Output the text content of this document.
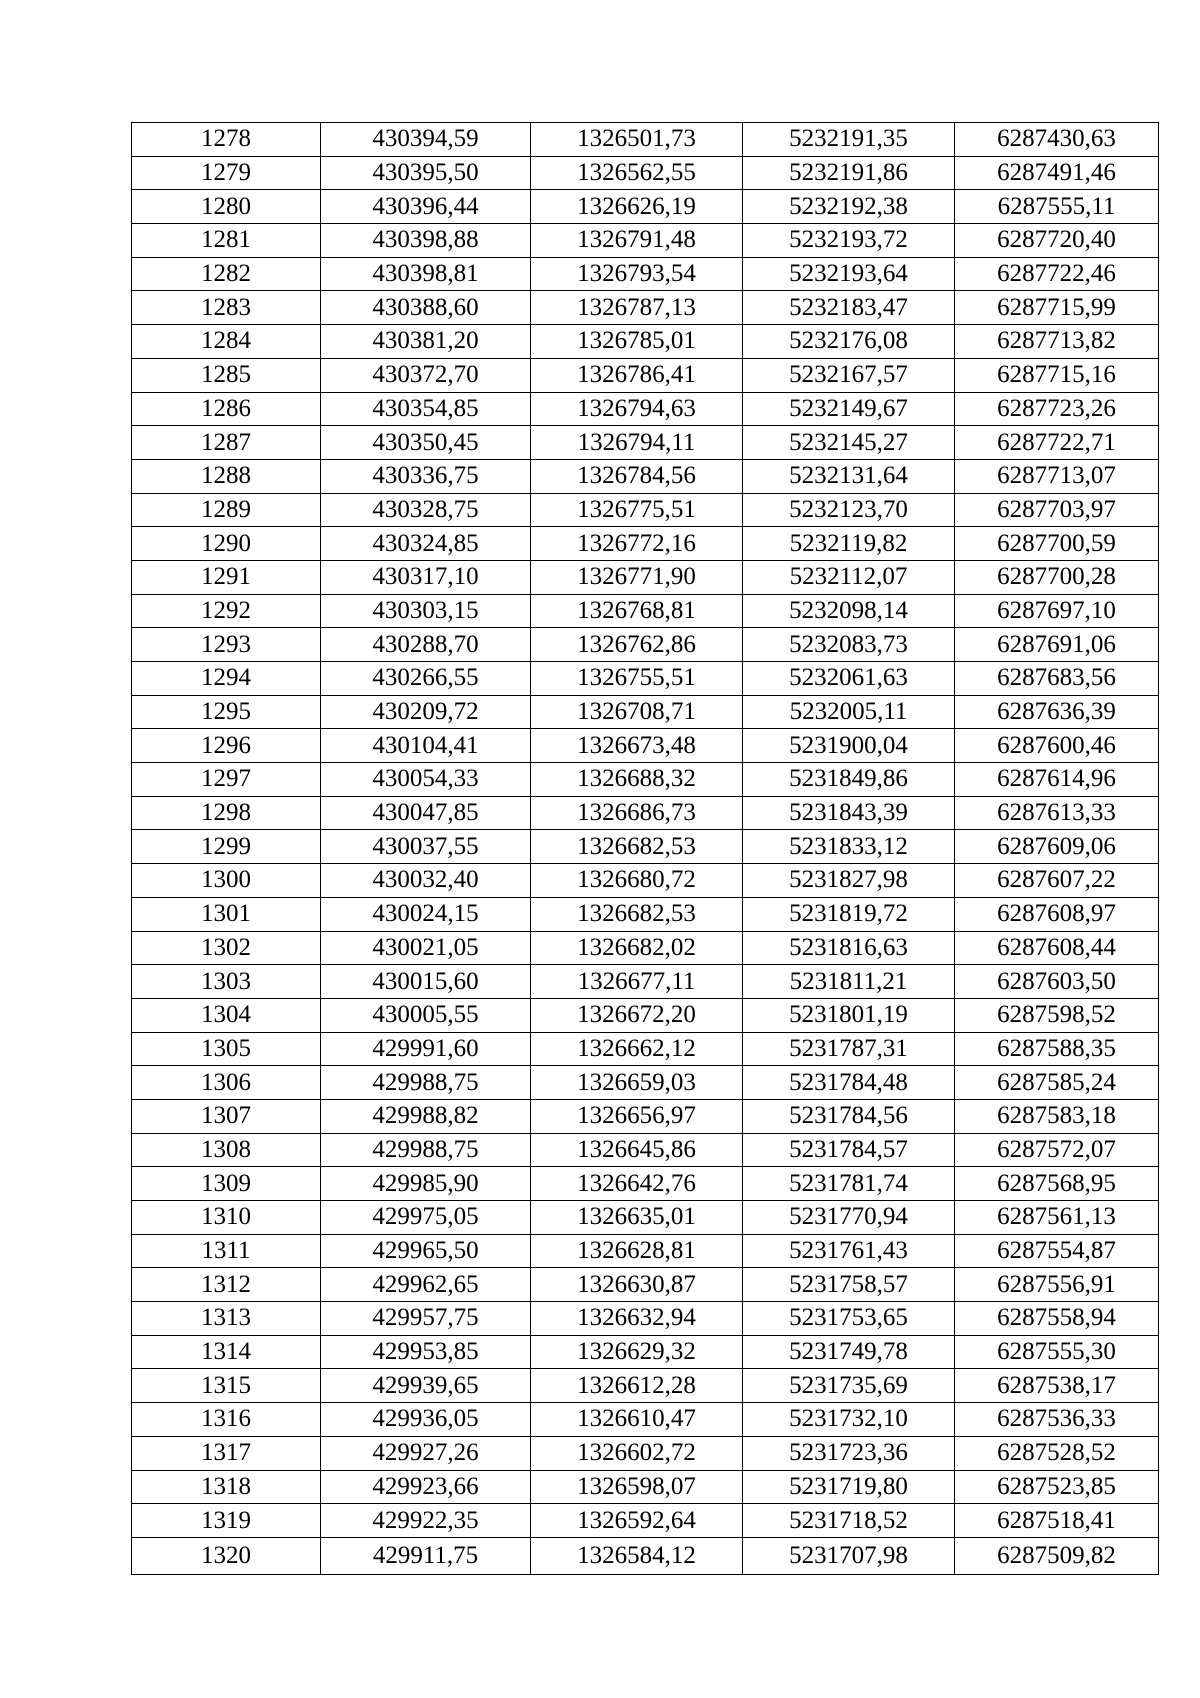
1278	430394,59	1326501,73	5232191,35	6287430,63
1279	430395,50	1326562,55	5232191,86	6287491,46
1280	430396,44	1326626,19	5232192,38	6287555,11
1281	430398,88	1326791,48	5232193,72	6287720,40
1282	430398,81	1326793,54	5232193,64	6287722,46
1283	430388,60	1326787,13	5232183,47	6287715,99
1284	430381,20	1326785,01	5232176,08	6287713,82
1285	430372,70	1326786,41	5232167,57	6287715,16
1286	430354,85	1326794,63	5232149,67	6287723,26
1287	430350,45	1326794,11	5232145,27	6287722,71
1288	430336,75	1326784,56	5232131,64	6287713,07
1289	430328,75	1326775,51	5232123,70	6287703,97
1290	430324,85	1326772,16	5232119,82	6287700,59
1291	430317,10	1326771,90	5232112,07	6287700,28
1292	430303,15	1326768,81	5232098,14	6287697,10
1293	430288,70	1326762,86	5232083,73	6287691,06
1294	430266,55	1326755,51	5232061,63	6287683,56
1295	430209,72	1326708,71	5232005,11	6287636,39
1296	430104,41	1326673,48	5231900,04	6287600,46
1297	430054,33	1326688,32	5231849,86	6287614,96
1298	430047,85	1326686,73	5231843,39	6287613,33
1299	430037,55	1326682,53	5231833,12	6287609,06
1300	430032,40	1326680,72	5231827,98	6287607,22
1301	430024,15	1326682,53	5231819,72	6287608,97
1302	430021,05	1326682,02	5231816,63	6287608,44
1303	430015,60	1326677,11	5231811,21	6287603,50
1304	430005,55	1326672,20	5231801,19	6287598,52
1305	429991,60	1326662,12	5231787,31	6287588,35
1306	429988,75	1326659,03	5231784,48	6287585,24
1307	429988,82	1326656,97	5231784,56	6287583,18
1308	429988,75	1326645,86	5231784,57	6287572,07
1309	429985,90	1326642,76	5231781,74	6287568,95
1310	429975,05	1326635,01	5231770,94	6287561,13
1311	429965,50	1326628,81	5231761,43	6287554,87
1312	429962,65	1326630,87	5231758,57	6287556,91
1313	429957,75	1326632,94	5231753,65	6287558,94
1314	429953,85	1326629,32	5231749,78	6287555,30
1315	429939,65	1326612,28	5231735,69	6287538,17
1316	429936,05	1326610,47	5231732,10	6287536,33
1317	429927,26	1326602,72	5231723,36	6287528,52
1318	429923,66	1326598,07	5231719,80	6287523,85
1319	429922,35	1326592,64	5231718,52	6287518,41
1320	429911,75	1326584,12	5231707,98	6287509,82
